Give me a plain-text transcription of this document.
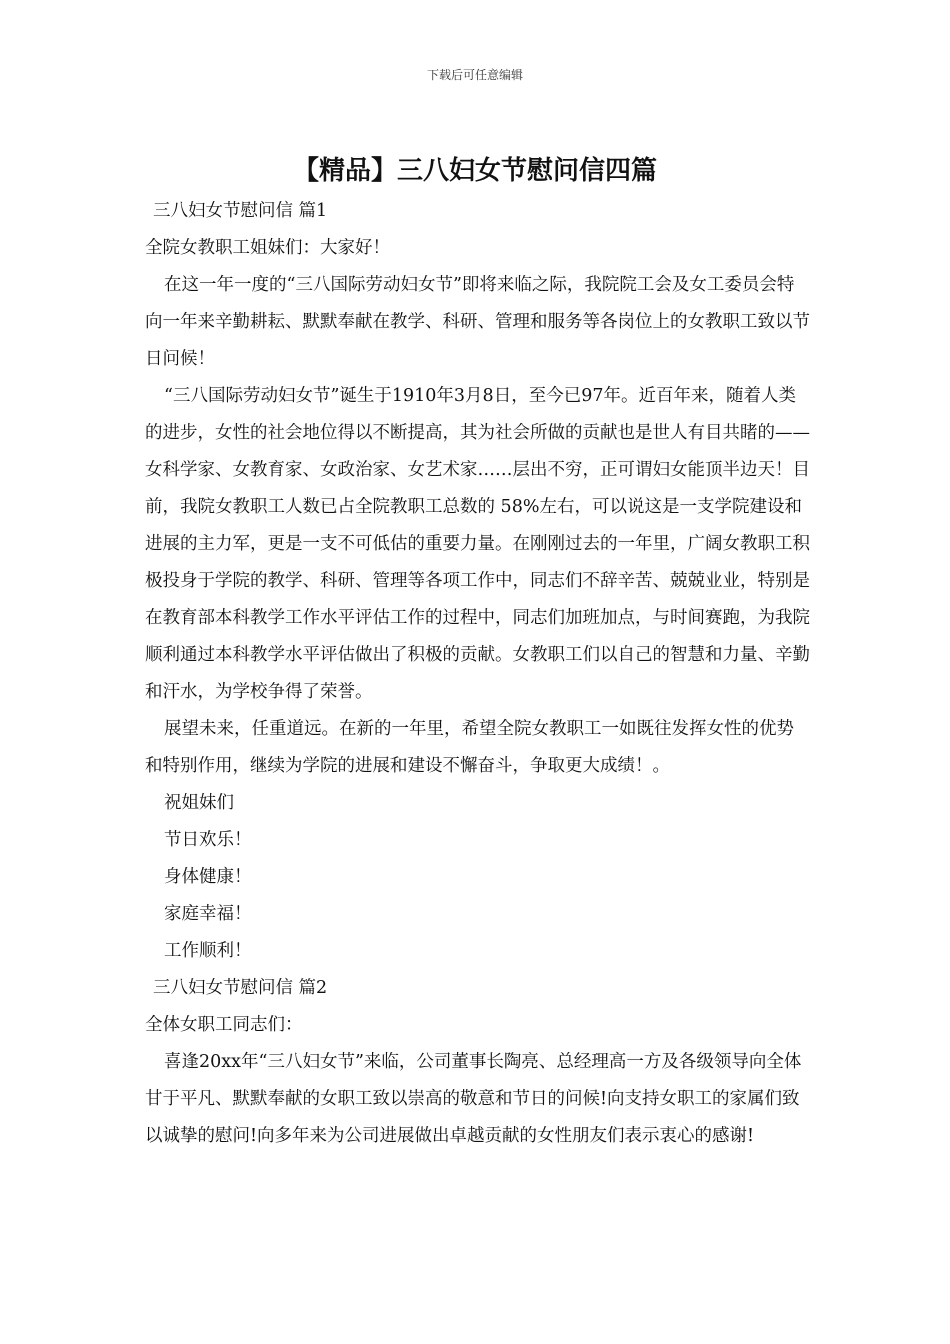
下载后可任意编辑
【精品】三八妇女节慰问信四篇

三八妇女节慰问信 篇1

全院女教职工姐妹们：大家好！

在这一年一度的“三八国际劳动妇女节”即将来临之际，我院院工会及女工委员会特向一年来辛勤耕耘、默默奉献在教学、科研、管理和服务等各岗位上的女教职工致以节日问候！

“三八国际劳动妇女节”诞生于1910年3月8日，至今已97年。近百年来，随着人类的进步，女性的社会地位得以不断提高，其为社会所做的贡献也是世人有目共睹的——女科学家、女教育家、女政治家、女艺术家……层出不穷，正可谓妇女能顶半边天！目前，我院女教职工人数已占全院教职工总数的 58%左右，可以说这是一支学院建设和进展的主力军，更是一支不可低估的重要力量。在刚刚过去的一年里，广阔女教职工积极投身于学院的教学、科研、管理等各项工作中，同志们不辞辛苦、兢兢业业，特别是在教育部本科教学工作水平评估工作的过程中，同志们加班加点，与时间赛跑，为我院顺利通过本科教学水平评估做出了积极的贡献。女教职工们以自己的智慧和力量、辛勤和汗水，为学校争得了荣誉。

展望未来，任重道远。在新的一年里，希望全院女教职工一如既往发挥女性的优势和特别作用，继续为学院的进展和建设不懈奋斗，争取更大成绩！。

祝姐妹们

节日欢乐！

身体健康！

家庭幸福！

工作顺利！

三八妇女节慰问信 篇2

全体女职工同志们：

喜逢20xx年“三八妇女节”来临，公司董事长陶亮、总经理高一方及各级领导向全体甘于平凡、默默奉献的女职工致以崇高的敬意和节日的问候!向支持女职工的家属们致以诚挚的慰问!向多年来为公司进展做出卓越贡献的女性朋友们表示衷心的感谢!
